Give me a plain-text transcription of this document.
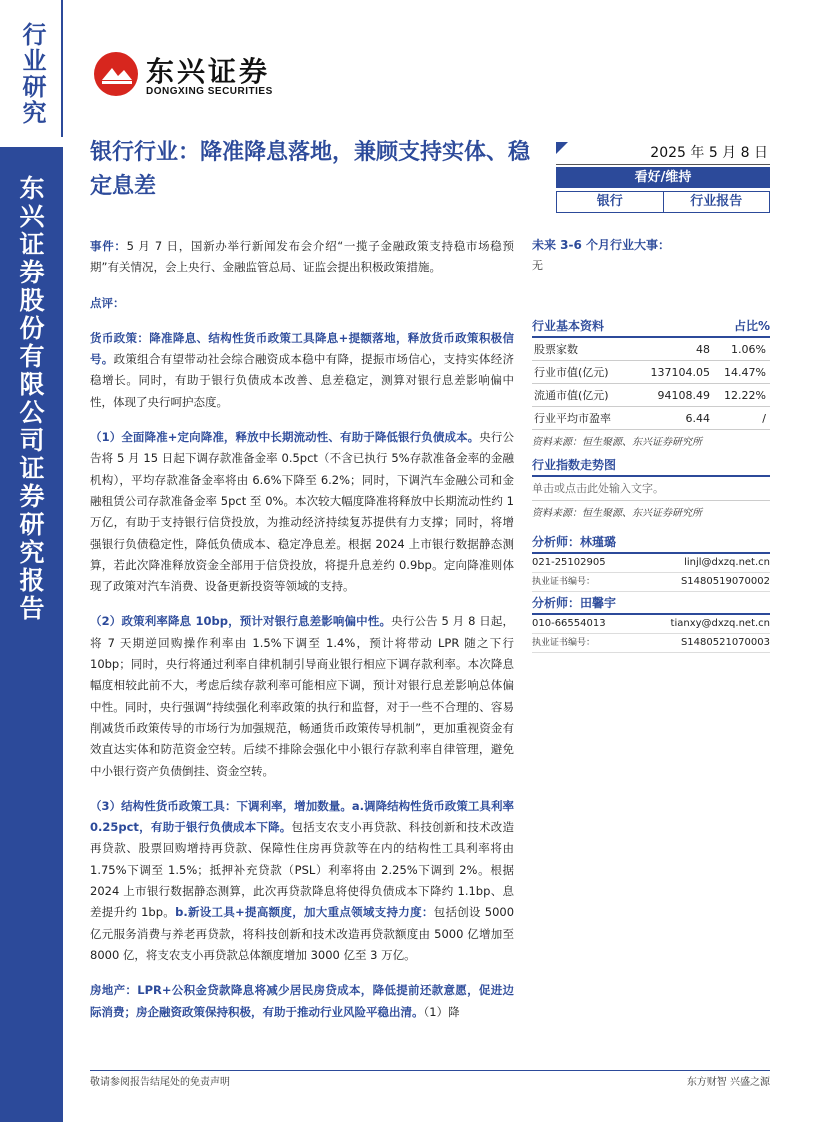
行业研究
东兴证券股份有限公司证券研究报告
东兴证券
DONGXING SECURITIES
银行行业：降准降息落地，兼顾支持实体、稳定息差
2025 年 5 月 8 日
看好/维持
银行	行业报告

事件：5 月 7 日，国新办举行新闻发布会介绍“一揽子金融政策支持稳市场稳预期”有关情况，会上央行、金融监管总局、证监会提出积极政策措施。

点评：

货币政策：降准降息、结构性货币政策工具降息+提额落地，释放货币政策积极信号。政策组合有望带动社会综合融资成本稳中有降，提振市场信心，支持实体经济稳增长。同时，有助于银行负债成本改善、息差稳定，测算对银行息差影响偏中性，体现了央行呵护态度。

（1）全面降准+定向降准，释放中长期流动性、有助于降低银行负债成本。央行公告将 5 月 15 日起下调存款准备金率 0.5pct（不含已执行 5%存款准备金率的金融机构），平均存款准备金率将由 6.6%下降至 6.2%；同时，下调汽车金融公司和金融租赁公司存款准备金率 5pct 至 0%。本次较大幅度降准将释放中长期流动性约 1 万亿，有助于支持银行信贷投放，为推动经济持续复苏提供有力支撑；同时，将增强银行负债稳定性，降低负债成本、稳定净息差。根据 2024 上市银行数据静态测算，若此次降准释放资金全部用于信贷投放，将提升息差约 0.9bp。定向降准则体现了政策对汽车消费、设备更新投资等领域的支持。

（2）政策利率降息 10bp，预计对银行息差影响偏中性。央行公告 5 月 8 日起，将 7 天期逆回购操作利率由 1.5%下调至 1.4%，预计将带动 LPR 随之下行 10bp；同时，央行将通过利率自律机制引导商业银行相应下调存款利率。本次降息幅度相较此前不大，考虑后续存款利率可能相应下调，预计对银行息差影响总体偏中性。同时，央行强调“持续强化利率政策的执行和监督，对于一些不合理的、容易削减货币政策传导的市场行为加强规范，畅通货币政策传导机制”，更加重视资金有效直达实体和防范资金空转。后续不排除会强化中小银行存款利率自律管理，避免中小银行资产负债倒挂、资金空转。

（3）结构性货币政策工具：下调利率，增加数量。a.调降结构性货币政策工具利率 0.25pct，有助于银行负债成本下降。包括支农支小再贷款、科技创新和技术改造再贷款、股票回购增持再贷款、保障性住房再贷款等在内的结构性工具利率将由 1.75%下调至 1.5%；抵押补充贷款（PSL）利率将由 2.25%下调到 2%。根据 2024 上市银行数据静态测算，此次再贷款降息将使得负债成本下降约 1.1bp、息差提升约 1bp。b.新设工具+提高额度，加大重点领域支持力度：包括创设 5000 亿元服务消费与养老再贷款，将科技创新和技术改造再贷款额度由 5000 亿增加至 8000 亿，将支农支小再贷款总体额度增加 3000 亿至 3 万亿。

房地产：LPR+公积金贷款降息将减少居民房贷成本，降低提前还款意愿，促进边际消费；房企融资政策保持积极，有助于推动行业风险平稳出清。（1）降

未来 3-6 个月行业大事：
无
行业基本资料	占比%
股票家数	48	1.06%
行业市值(亿元)	137104.05	14.47%
流通市值(亿元)	94108.49	12.22%
行业平均市盈率	6.44	/
资料来源：恒生聚源、东兴证券研究所
行业指数走势图
单击或点击此处输入文字。
资料来源：恒生聚源、东兴证券研究所
分析师：林瑾璐
021-25102905	linjl@dxzq.net.cn
执业证书编号：	S1480519070002
分析师：田馨宇
010-66554013	tianxy@dxzq.net.cn
执业证书编号：	S1480521070003
敬请参阅报告结尾处的免责声明	东方财智 兴盛之源
